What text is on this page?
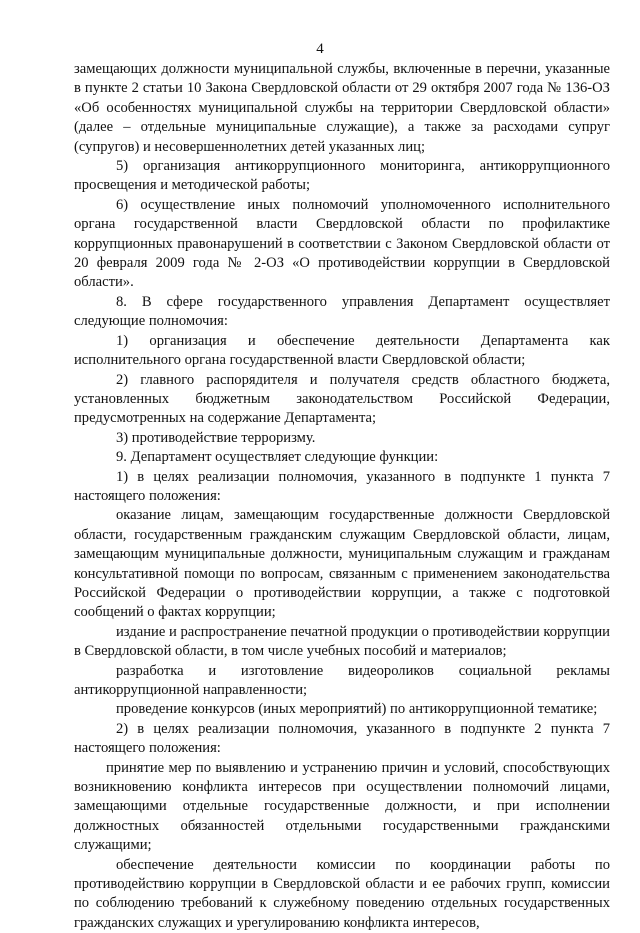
4

замещающих должности муниципальной службы, включенные в перечни, указанные в пункте 2 статьи 10 Закона Свердловской области от 29 октября 2007 года № 136-ОЗ «Об особенностях муниципальной службы на территории Свердловской области» (далее – отдельные муниципальные служащие), а также за расходами супруг (супругов) и несовершеннолетних детей указанных лиц;

5) организация антикоррупционного мониторинга, антикоррупционного просвещения и методической работы;

6) осуществление иных полномочий уполномоченного исполнительного органа государственной власти Свердловской области по профилактике коррупционных правонарушений в соответствии с Законом Свердловской области от 20 февраля 2009 года № 2-ОЗ «О противодействии коррупции в Свердловской области».

8. В сфере государственного управления Департамент осуществляет следующие полномочия:

1) организация и обеспечение деятельности Департамента как исполнительного органа государственной власти Свердловской области;

2) главного распорядителя и получателя средств областного бюджета, установленных бюджетным законодательством Российской Федерации, предусмотренных на содержание Департамента;

3) противодействие терроризму.

9. Департамент осуществляет следующие функции:

1) в целях реализации полномочия, указанного в подпункте 1 пункта 7 настоящего положения:

оказание лицам, замещающим государственные должности Свердловской области, государственным гражданским служащим Свердловской области, лицам, замещающим муниципальные должности, муниципальным служащим и гражданам консультативной помощи по вопросам, связанным с применением законодательства Российской Федерации о противодействии коррупции, а также с подготовкой сообщений о фактах коррупции;

издание и распространение печатной продукции о противодействии коррупции в Свердловской области, в том числе учебных пособий и материалов;

разработка и изготовление видеороликов социальной рекламы антикоррупционной направленности;

проведение конкурсов (иных мероприятий) по антикоррупционной тематике;

2) в целях реализации полномочия, указанного в подпункте 2 пункта 7 настоящего положения:

принятие мер по выявлению и устранению причин и условий, способствующих возникновению конфликта интересов при осуществлении полномочий лицами, замещающими отдельные государственные должности, и при исполнении должностных обязанностей отдельными государственными гражданскими служащими;

обеспечение деятельности комиссии по координации работы по противодействию коррупции в Свердловской области и ее рабочих групп, комиссии по соблюдению требований к служебному поведению отдельных государственных гражданских служащих и урегулированию конфликта интересов,
